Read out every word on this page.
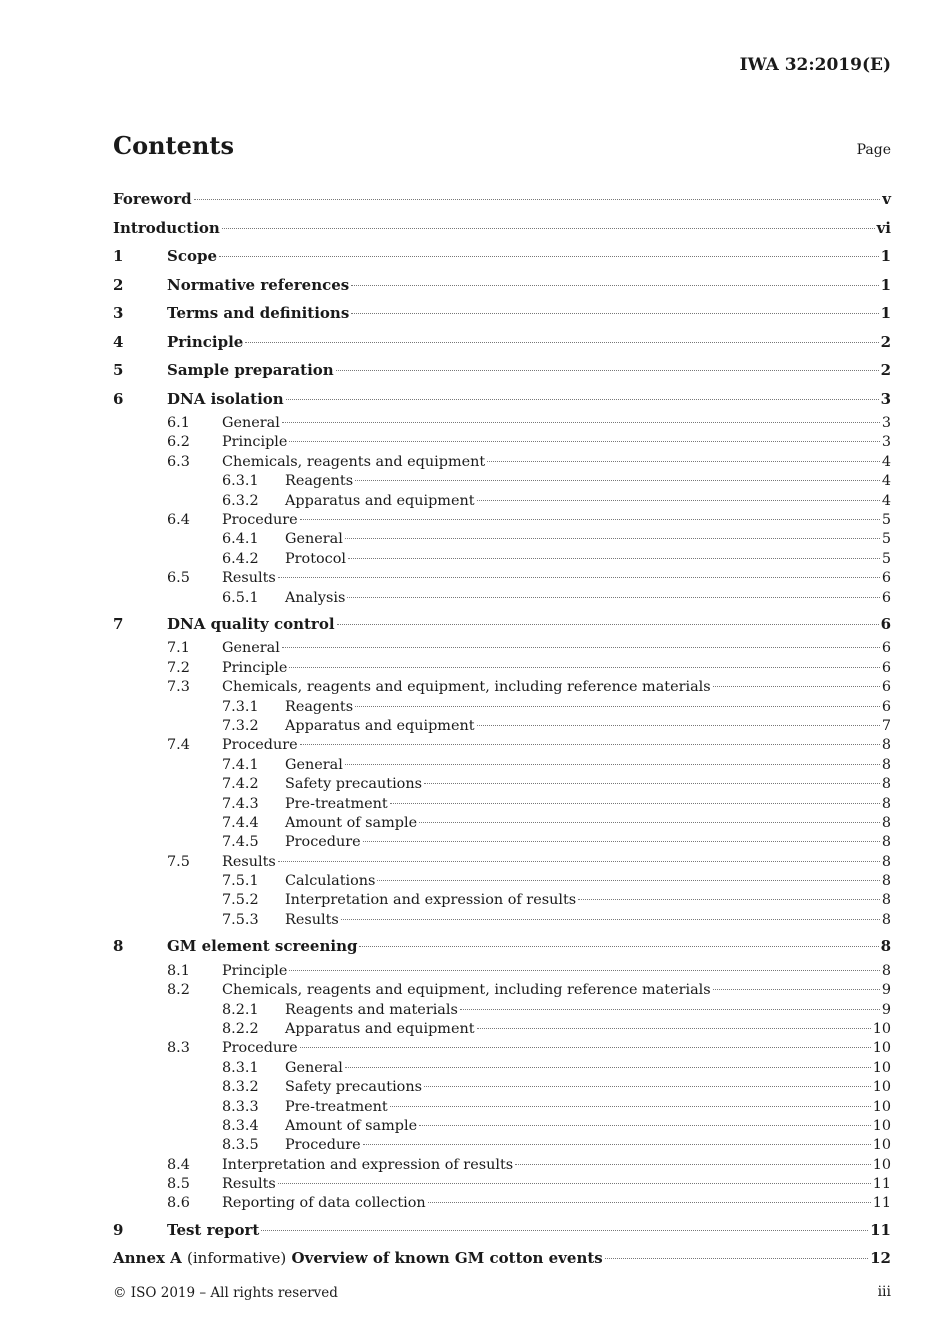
IWA 32:2019(E)
Contents	Page
Foreword	v
Introduction	vi
1	Scope	1
2	Normative references	1
3	Terms and definitions	1
4	Principle	2
5	Sample preparation	2
6	DNA isolation	3
6.1	General	3
6.2	Principle	3
6.3	Chemicals, reagents and equipment	4
6.3.1	Reagents	4
6.3.2	Apparatus and equipment	4
6.4	Procedure	5
6.4.1	General	5
6.4.2	Protocol	5
6.5	Results	6
6.5.1	Analysis	6
7	DNA quality control	6
7.1	General	6
7.2	Principle	6
7.3	Chemicals, reagents and equipment, including reference materials	6
7.3.1	Reagents	6
7.3.2	Apparatus and equipment	7
7.4	Procedure	8
7.4.1	General	8
7.4.2	Safety precautions	8
7.4.3	Pre-treatment	8
7.4.4	Amount of sample	8
7.4.5	Procedure	8
7.5	Results	8
7.5.1	Calculations	8
7.5.2	Interpretation and expression of results	8
7.5.3	Results	8
8	GM element screening	8
8.1	Principle	8
8.2	Chemicals, reagents and equipment, including reference materials	9
8.2.1	Reagents and materials	9
8.2.2	Apparatus and equipment	10
8.3	Procedure	10
8.3.1	General	10
8.3.2	Safety precautions	10
8.3.3	Pre-treatment	10
8.3.4	Amount of sample	10
8.3.5	Procedure	10
8.4	Interpretation and expression of results	10
8.5	Results	11
8.6	Reporting of data collection	11
9	Test report	11
Annex A (informative) Overview of known GM cotton events	12
© ISO 2019 – All rights reserved	iii
